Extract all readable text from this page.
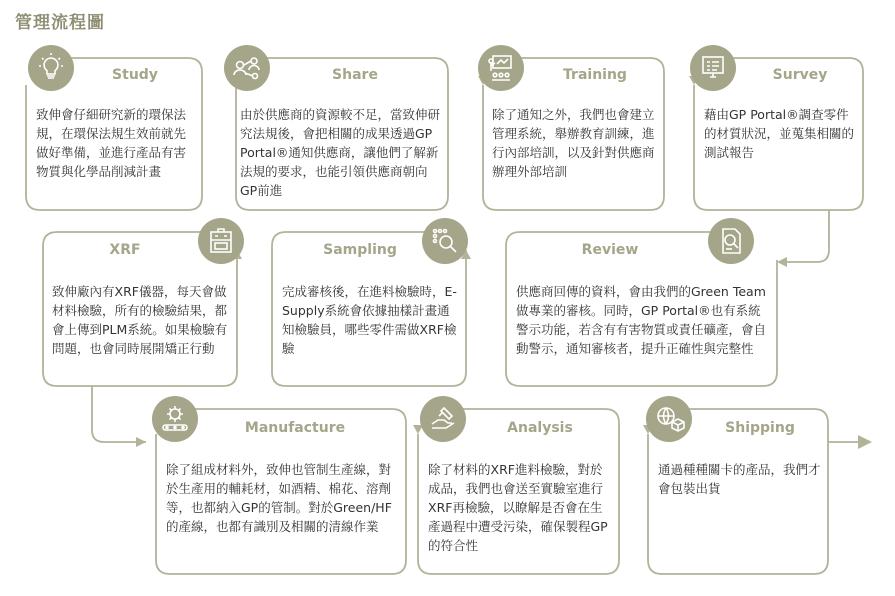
管理流程圖
Study	Share	Training	Survey
XRF	Sampling	Review
Manufacture	Analysis	Shipping
致伸會仔細研究新的環保法規，在環保法規生效前就先做好準備，並進行產品有害物質與化學品削減計畫
由於供應商的資源較不足，當致伸研究法規後，會把相關的成果透過GP Portal®通知供應商，讓他們了解新法規的要求，也能引領供應商朝向GP前進
除了通知之外，我們也會建立管理系統，舉辦教育訓練，進行內部培訓，以及針對供應商辦理外部培訓
藉由GP Portal®調查零件的材質狀況，並蒐集相關的測試報告
致伸廠內有XRF儀器，每天會做材料檢驗，所有的檢驗結果，都會上傳到PLM系統。如果檢驗有問題，也會同時展開矯正行動
完成審核後，在進料檢驗時，E-Supply系統會依據抽樣計畫通知檢驗員，哪些零件需做XRF檢驗
供應商回傳的資料，會由我們的Green Team做專業的審核。同時，GP Portal®也有系統警示功能，若含有有害物質或責任礦產，會自動警示，通知審核者，提升正確性與完整性
除了組成材料外，致伸也管制生產線，對於生產用的輔耗材，如酒精、棉花、溶劑等，也都納入GP的管制。對於Green/HF的產線，也都有識別及相關的清線作業
除了材料的XRF進料檢驗，對於成品，我們也會送至實驗室進行XRF再檢驗，以瞭解是否會在生產過程中遭受污染，確保製程GP的符合性
通過種種關卡的產品，我們才會包裝出貨
